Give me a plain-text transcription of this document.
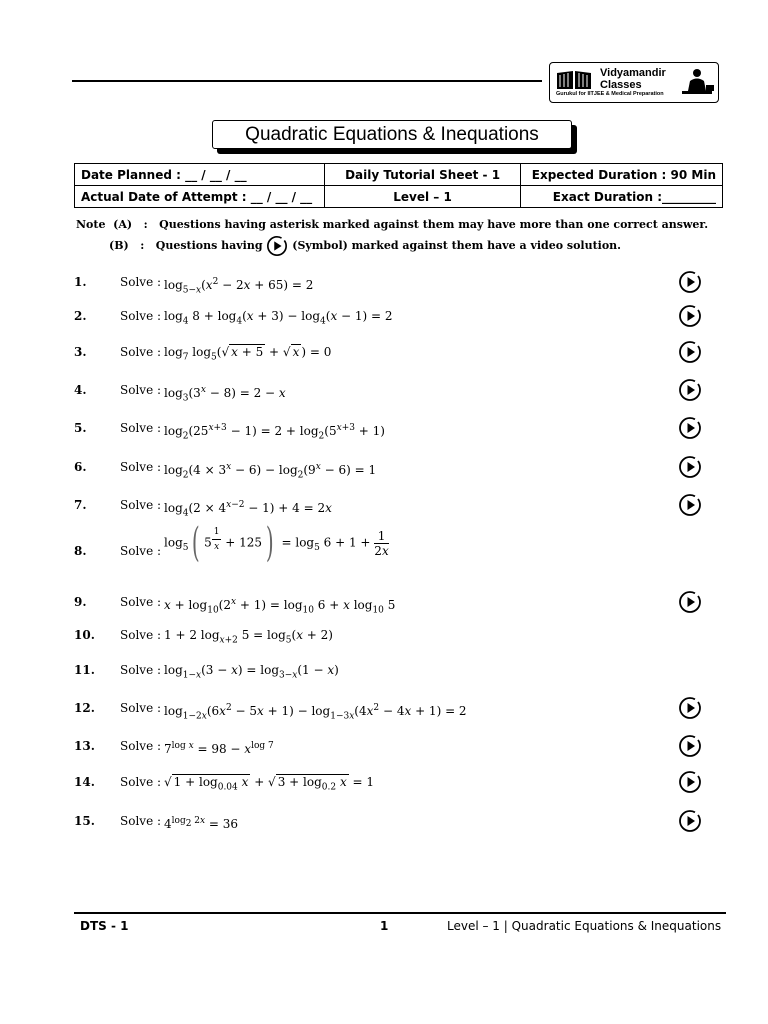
Vidyamandir
Classes
Gurukul for IITJEE & Medical Preparation
Quadratic Equations & Inequations
Date Planned : __ / __ / __	Daily Tutorial Sheet - 1	Expected Duration : 90 Min
Actual Date of Attempt : __ / __ / __	Level – 1	Exact Duration :_________
Note (A) : Questions having asterisk marked against them may have more than one correct answer.
(B) : Questions having	(Symbol) marked against them have a video solution.
1.	Solve : $\log_{5-x}(x^2 - 2x + 65) = 2$
2.	Solve : $\log_4 8 + \log_4(x + 3) - \log_4(x - 1) = 2$
3.	Solve : $\log_7 \log_5(√$ x + 5 + √ x ) = 0
4.	Solve : $\log_3(3^x - 8) = 2 - x$
5.	Solve : $\log_2(25^{x+3} - 1) = 2 + \log_2(5^{x+3} + 1)$
6.	Solve : $\log_2(4 \times 3^x - 6) - \log_2(9^x - 6) = 1$
7.	Solve : $\log_4(2 \times 4^{x-2} - 1) + 4 = 2x$
8.	Solve :
$\log_5$( 5 $^{\frac{1}{x}} + 125) = \log_5 6 + 1 + \frac{1}{2x}$
9.	Solve : $x + \log_{10}(2^x + 1) = \log_{10} 6 + x$ $\log_{10} 5$
10. Solve : 1 + 2 $\log_{x+2} 5 = \log_5(x + 2)$
11. Solve : $\log_{1-x}(3 - x) = \log_{3-x}(1 - x)$
12. Solve : $\log_{1-2x}(6x^2 - 5x + 1) - \log_{1-3x}(4x^2 - 4x + 1) = 2$
13. Solve : $7^{log x} = 98 - x^{log 7}$
14. Solve : √ $1 + \log_{0.04} x$ + √ $3 + \log_{0.2} x = 1$
15. Solve : $4^{log_2 2x} = 36$
DTS - 1	1	Level – 1 | Quadratic Equations & Inequations
